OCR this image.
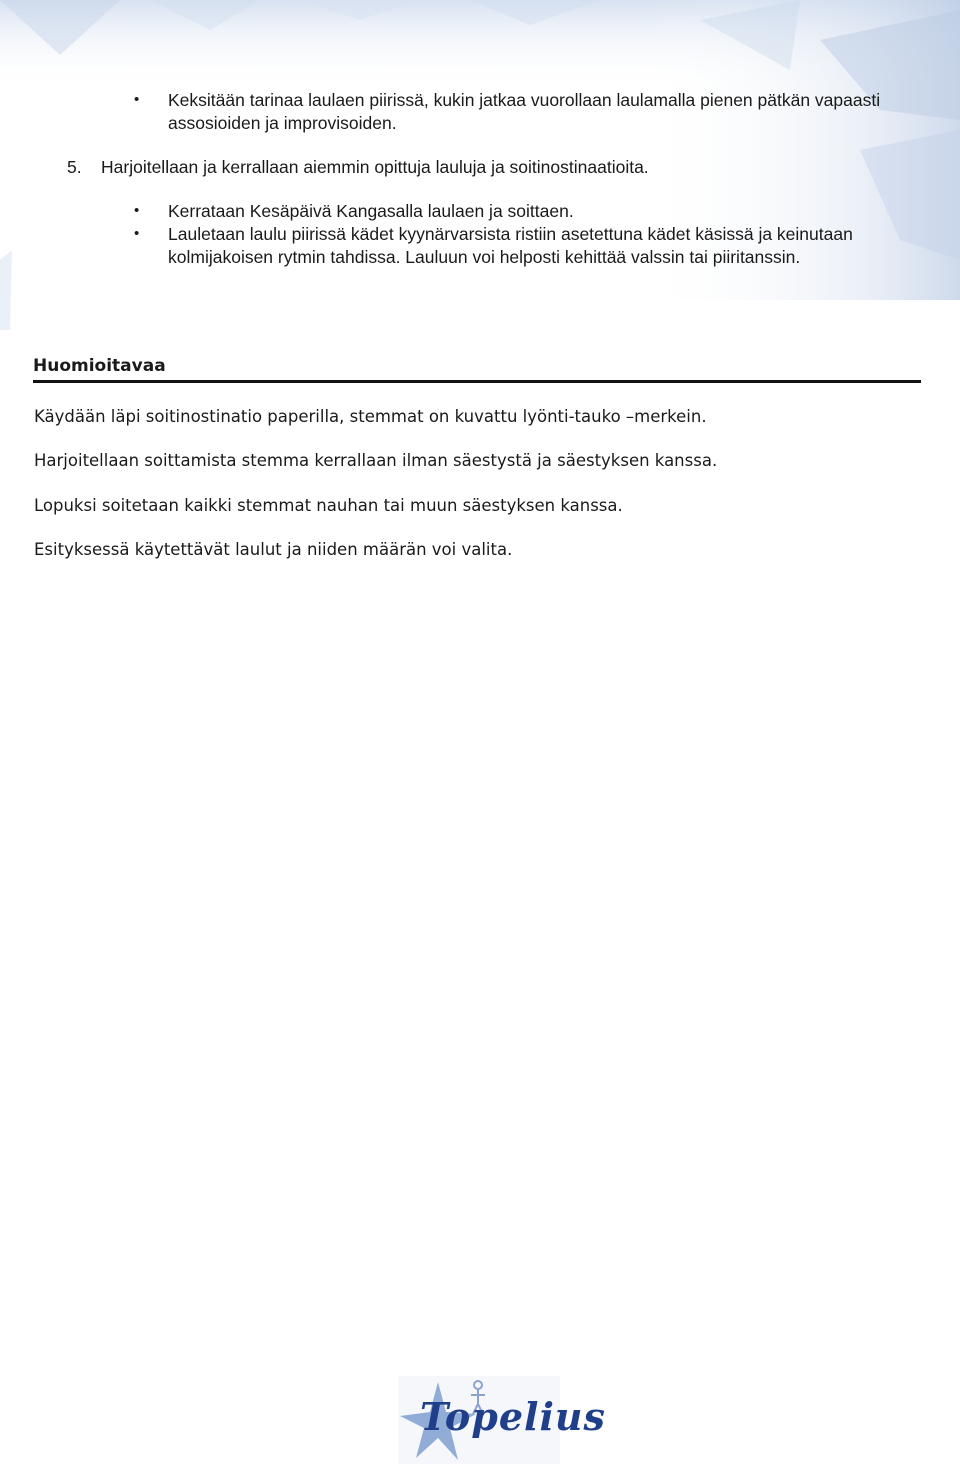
•	Keksitään tarinaa laulaen piirissä, kukin jatkaa vuorollaan laulamalla pienen pätkän vapaasti assosioiden ja improvisoiden.
5.	Harjoitellaan ja kerrallaan aiemmin opittuja lauluja ja soitinostinaatioita.
•	Kerrataan Kesäpäivä Kangasalla laulaen ja soittaen.
•	Lauletaan laulu piirissä kädet kyynärvarsista ristiin asetettuna kädet käsissä ja keinutaan kolmijakoisen rytmin tahdissa. Lauluun voi helposti kehittää valssin tai piiritanssin.
Huomioitavaa
Käydään läpi soitinostinatio paperilla, stemmat on kuvattu lyönti-tauko –merkein.
Harjoitellaan soittamista stemma kerrallaan ilman säestystä ja säestyksen kanssa.
Lopuksi soitetaan kaikki stemmat nauhan tai muun säestyksen kanssa.
Esityksessä käytettävät laulut ja niiden määrän voi valita.
Topelius
